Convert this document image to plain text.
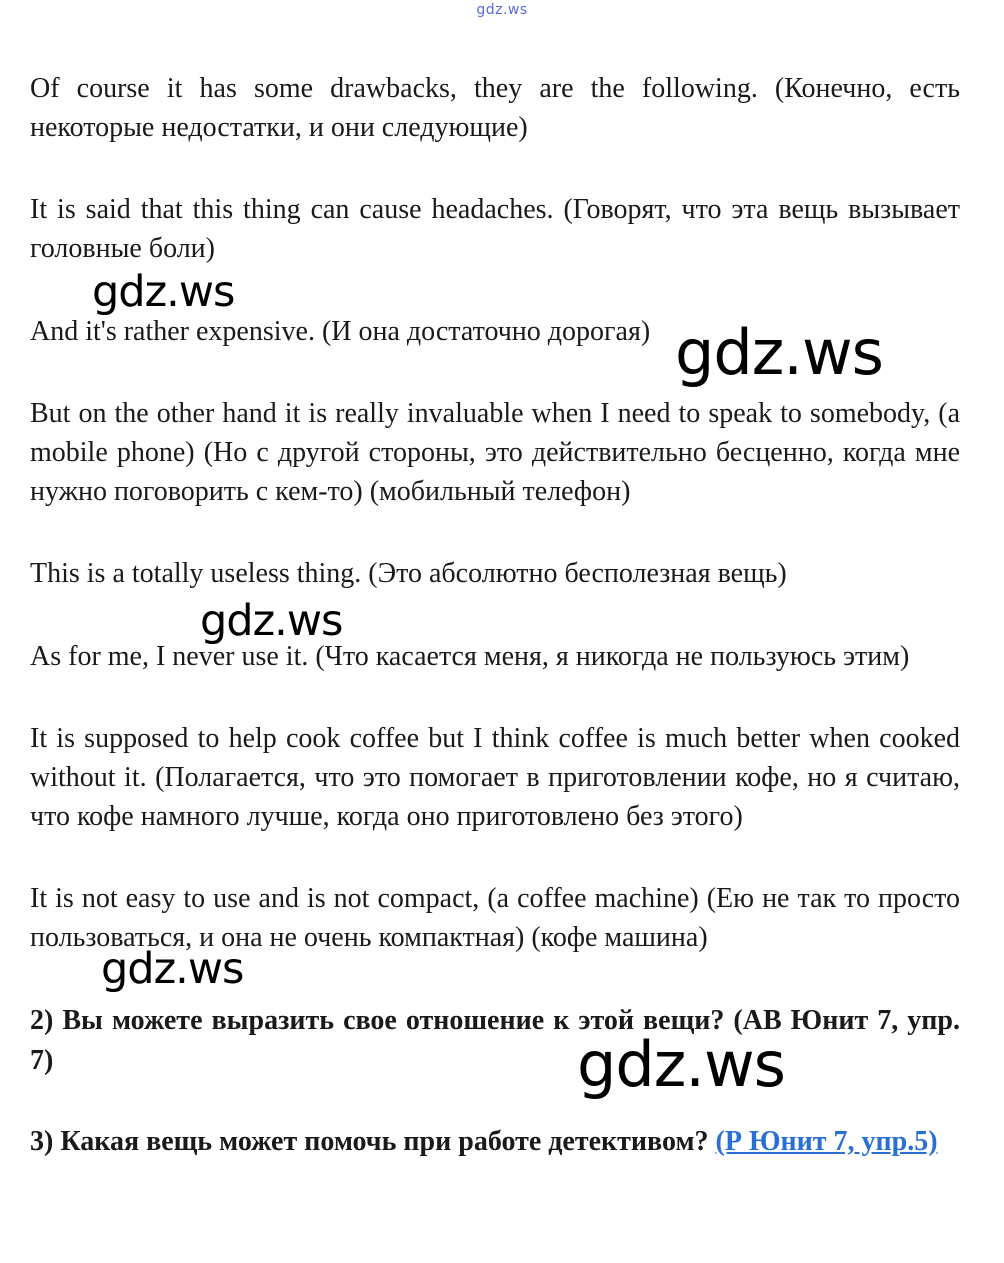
gdz.ws

Of course it has some drawbacks, they are the following. (Конечно, есть некоторые недостатки, и они следующие)

It is said that this thing can cause headaches. (Говорят, что эта вещь вызывает головные боли)

And it's rather expensive. (И она достаточно дорогая)

But on the other hand it is really invaluable when I need to speak to somebody, (a mobile phone) (Но с другой стороны, это действительно бесценно, когда мне нужно поговорить с кем-то) (мобильный телефон)

This is a totally useless thing. (Это абсолютно бесполезная вещь)

As for me, I never use it. (Что касается меня, я никогда не пользуюсь этим)

It is supposed to help cook coffee but I think coffee is much better when cooked without it. (Полагается, что это помогает в приготовлении кофе, но я считаю, что кофе намного лучше, когда оно приготовлено без этого)

It is not easy to use and is not compact, (a coffee machine) (Ею не так то просто пользоваться, и она не очень компактная) (кофе машина)

2) Вы можете выразить свое отношение к этой вещи? (АВ Юнит 7, упр. 7)

3) Какая вещь может помочь при работе детективом? (Р Юнит 7, упр.5)

gdz.ws
gdz.ws
gdz.ws
gdz.ws
gdz.ws
